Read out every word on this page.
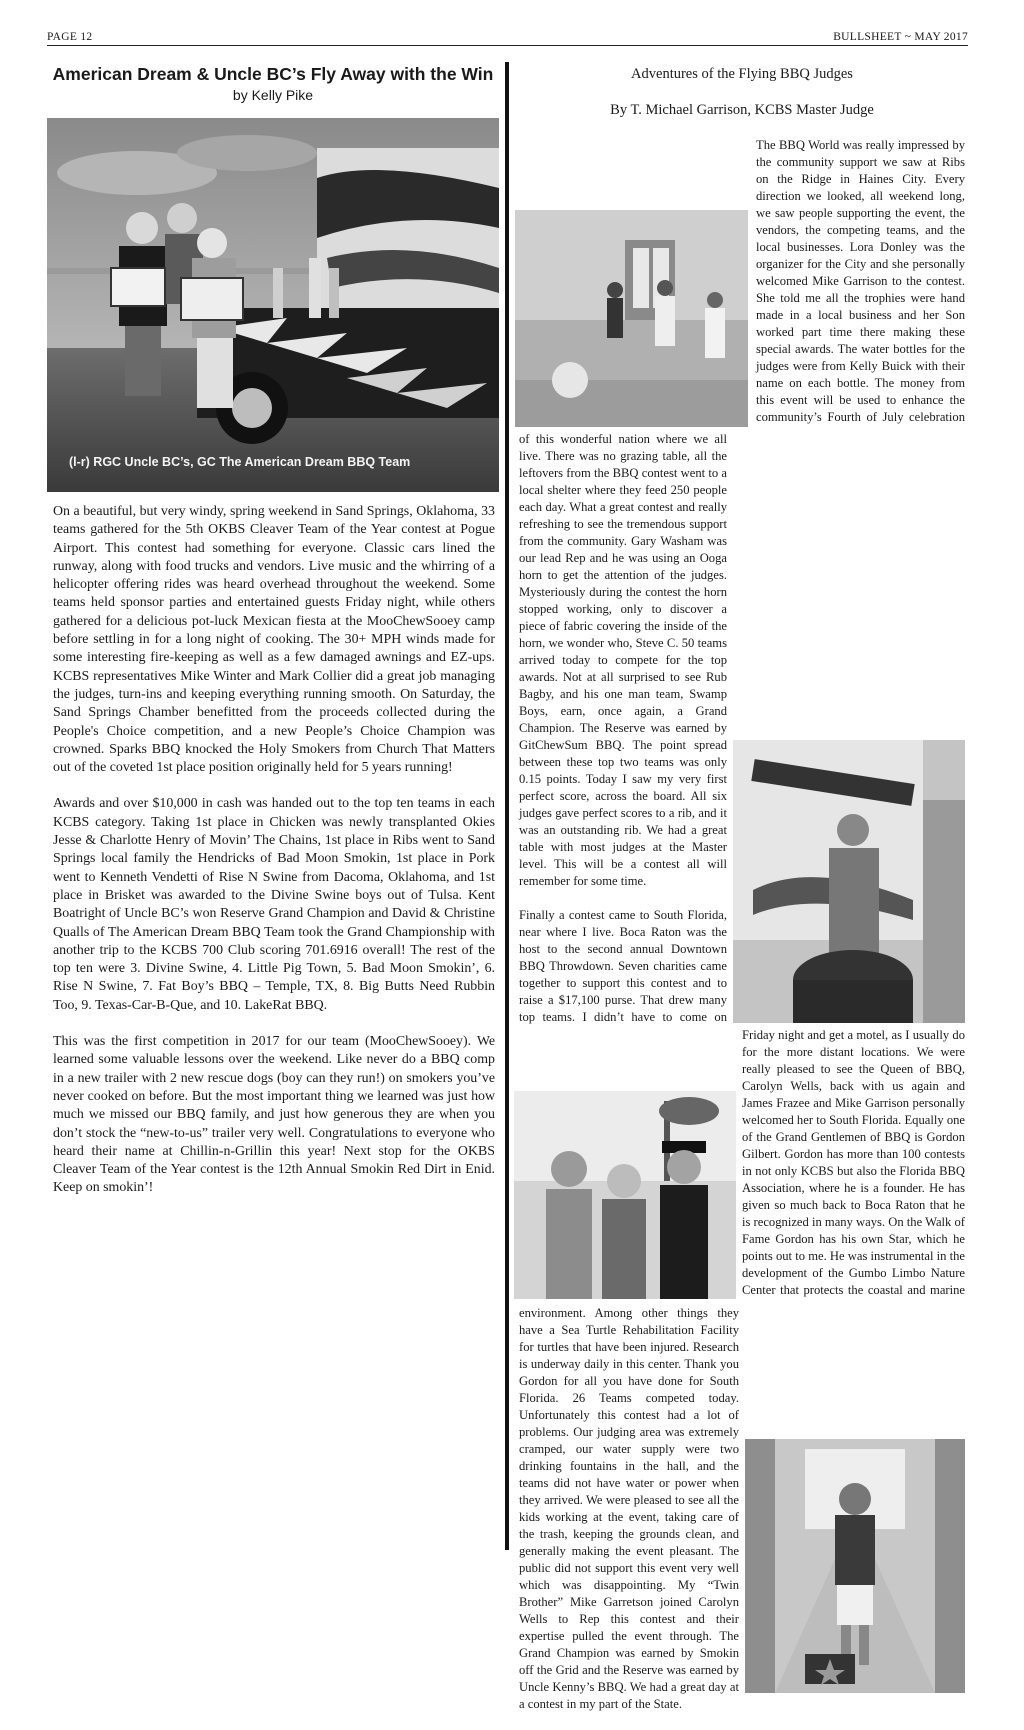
PAGE 12	BULLSHEET ~ MAY 2017
American Dream & Uncle BC’s Fly Away with the Win
by Kelly Pike
(l-r) RGC Uncle BC’s, GC The American Dream BBQ Team

On a beautiful, but very windy, spring weekend in Sand Springs, Oklahoma, 33 teams gathered for the 5th OKBS Cleaver Team of the Year contest at Pogue Airport. This contest had something for everyone. Classic cars lined the runway, along with food trucks and vendors. Live music and the whirring of a helicopter offering rides was heard overhead throughout the weekend. Some teams held sponsor parties and entertained guests Friday night, while others gathered for a delicious pot-luck Mexican fiesta at the MooChewSooey camp before settling in for a long night of cooking. The 30+ MPH winds made for some interesting fire-keeping as well as a few damaged awnings and EZ-ups. KCBS representatives Mike Winter and Mark Collier did a great job managing the judges, turn-ins and keeping everything running smooth. On Saturday, the Sand Springs Chamber benefitted from the proceeds collected during the People's Choice competition, and a new People’s Choice Champion was crowned. Sparks BBQ knocked the Holy Smokers from Church That Matters out of the coveted 1st place position originally held for 5 years running!

Awards and over $10,000 in cash was handed out to the top ten teams in each KCBS category. Taking 1st place in Chicken was newly transplanted Okies Jesse & Charlotte Henry of Movin’ The Chains, 1st place in Ribs went to Sand Springs local family the Hendricks of Bad Moon Smokin, 1st place in Pork went to Kenneth Vendetti of Rise N Swine from Dacoma, Oklahoma, and 1st place in Brisket was awarded to the Divine Swine boys out of Tulsa. Kent Boatright of Uncle BC’s won Reserve Grand Champion and David & Christine Qualls of The American Dream BBQ Team took the Grand Championship with another trip to the KCBS 700 Club scoring 701.6916 overall! The rest of the top ten were 3. Divine Swine, 4. Little Pig Town, 5. Bad Moon Smokin’, 6. Rise N Swine, 7. Fat Boy’s BBQ – Temple, TX, 8. Big Butts Need Rubbin Too, 9. Texas-Car-B-Que, and 10. LakeRat BBQ.

This was the first competition in 2017 for our team (MooChewSooey). We learned some valuable lessons over the weekend. Like never do a BBQ comp in a new trailer with 2 new rescue dogs (boy can they run!) on smokers you’ve never cooked on before. But the most important thing we learned was just how much we missed our BBQ family, and just how generous they are when you don’t stock the “new-to-us” trailer very well. Congratulations to everyone who heard their name at Chillin-n-Grillin this year! Next stop for the OKBS Cleaver Team of the Year contest is the 12th Annual Smokin Red Dirt in Enid. Keep on smokin’!

Adventures of the Flying BBQ Judges
By T. Michael Garrison, KCBS Master Judge

The BBQ World was really impressed by the community support we saw at Ribs on the Ridge in Haines City. Every direction we looked, all weekend long, we saw people supporting the event, the vendors, the competing teams, and the local businesses. Lora Donley was the organizer for the City and she personally welcomed Mike Garrison to the contest. She told me all the trophies were hand made in a local business and her Son worked part time there making these special awards. The water bottles for the judges were from Kelly Buick with their name on each bottle. The money from this event will be used to enhance the community’s Fourth of July celebration of this wonderful nation where we all live. There was no grazing table, all the leftovers from the BBQ contest went to a local shelter where they feed 250 people each day. What a great contest and really refreshing to see the tremendous support from the community. Gary Washam was our lead Rep and he was using an Ooga horn to get the attention of the judges. Mysteriously during the contest the horn stopped working, only to discover a piece of fabric covering the inside of the horn, we wonder who, Steve C. 50 teams arrived today to compete for the top awards. Not at all surprised to see Rub Bagby, and his one man team, Swamp Boys, earn, once again, a Grand Champion. The Reserve was earned by GitChewSum BBQ. The point spread between these top two teams was only 0.15 points. Today I saw my very first perfect score, across the board. All six judges gave perfect scores to a rib, and it was an outstanding rib. We had a great table with most judges at the Master level. This will be a contest all will remember for some time.

Finally a contest came to South Florida, near where I live. Boca Raton was the host to the second annual Downtown BBQ Throwdown. Seven charities came together to support this contest and to raise a $17,100 purse. That drew many top teams. I didn’t have to come on Friday night and get a motel, as I usually do for the more distant locations. We were really pleased to see the Queen of BBQ, Carolyn Wells, back with us again and James Frazee and Mike Garrison personally welcomed her to South Florida. Equally one of the Grand Gentlemen of BBQ is Gordon Gilbert. Gordon has more than 100 contests in not only KCBS but also the Florida BBQ Association, where he is a founder. He has given so much back to Boca Raton that he is recognized in many ways. On the Walk of Fame Gordon has his own Star, which he points out to me. He was instrumental in the development of the Gumbo Limbo Nature Center that protects the coastal and marine environment. Among other things they have a Sea Turtle Rehabilitation Facility for turtles that have been injured. Research is underway daily in this center. Thank you Gordon for all you have done for South Florida. 26 Teams competed today. Unfortunately this contest had a lot of problems. Our judging area was extremely cramped, our water supply were two drinking fountains in the hall, and the teams did not have water or power when they arrived. We were pleased to see all the kids working at the event, taking care of the trash, keeping the grounds clean, and generally making the event pleasant. The public did not support this event very well which was disappointing. My “Twin Brother” Mike Garretson joined Carolyn Wells to Rep this contest and their expertise pulled the event through. The Grand Champion was earned by Smokin off the Grid and the Reserve was earned by Uncle Kenny’s BBQ. We had a great day at a contest in my part of the State.
